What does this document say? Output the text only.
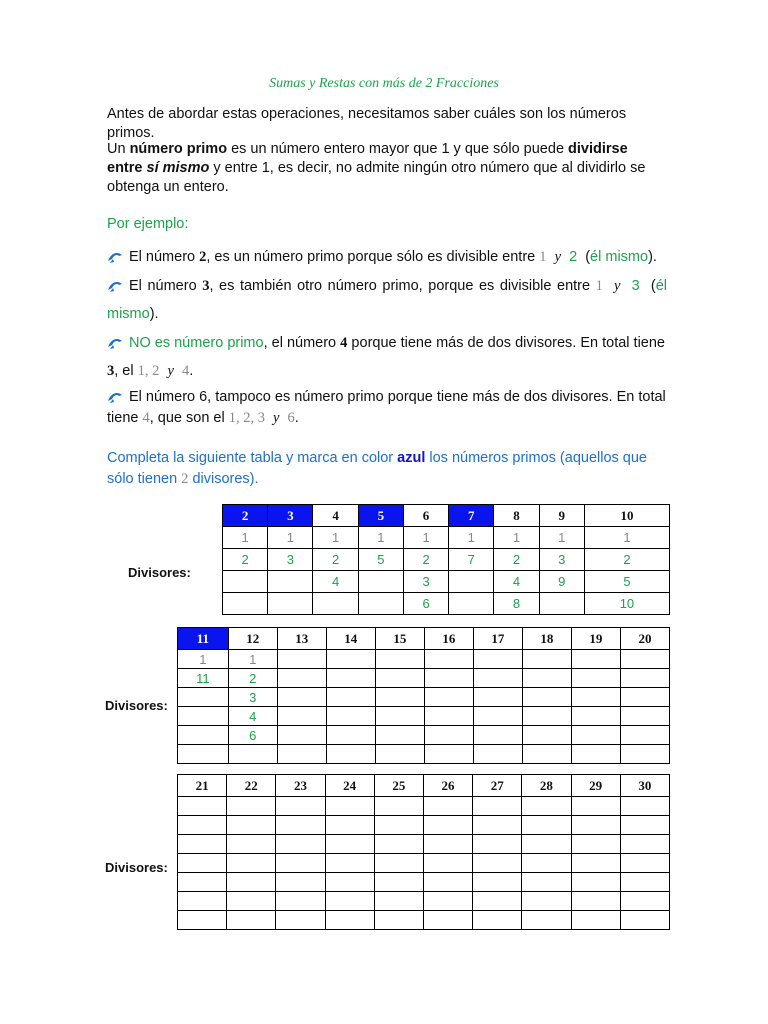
Sumas y Restas con más de 2 Fracciones
Antes de abordar estas operaciones, necesitamos saber cuáles son los números primos.
Un número primo es un número entero mayor que 1 y que sólo puede dividirse entre sí mismo y entre 1, es decir, no admite ningún otro número que al dividirlo se obtenga un entero.
Por ejemplo:
El número 2, es un número primo porque sólo es divisible entre 1 y 2 (él mismo).
El número 3, es también otro número primo, porque es divisible entre 1 y 3 (él mismo).
NO es número primo, el número 4 porque tiene más de dos divisores. En total tiene 3, el 1, 2 y 4.
El número 6, tampoco es número primo porque tiene más de dos divisores. En total tiene 4, que son el 1, 2, 3 y 6.
Completa la siguiente tabla y marca en color azul los números primos (aquellos que sólo tienen 2 divisores).
2	3	4	5	6	7	8	9	10
1	1	1	1	1	1	1	1	1
2	3	2	5	2	7	2	3	2
		4		3		4	9	5
				6		8		10
Divisores:
11	12	13	14	15	16	17	18	19	20
1	1								
11	2								
	3								
	4								
	6								

Divisores:
21	22	23	24	25	26	27	28	29	30

Divisores:
